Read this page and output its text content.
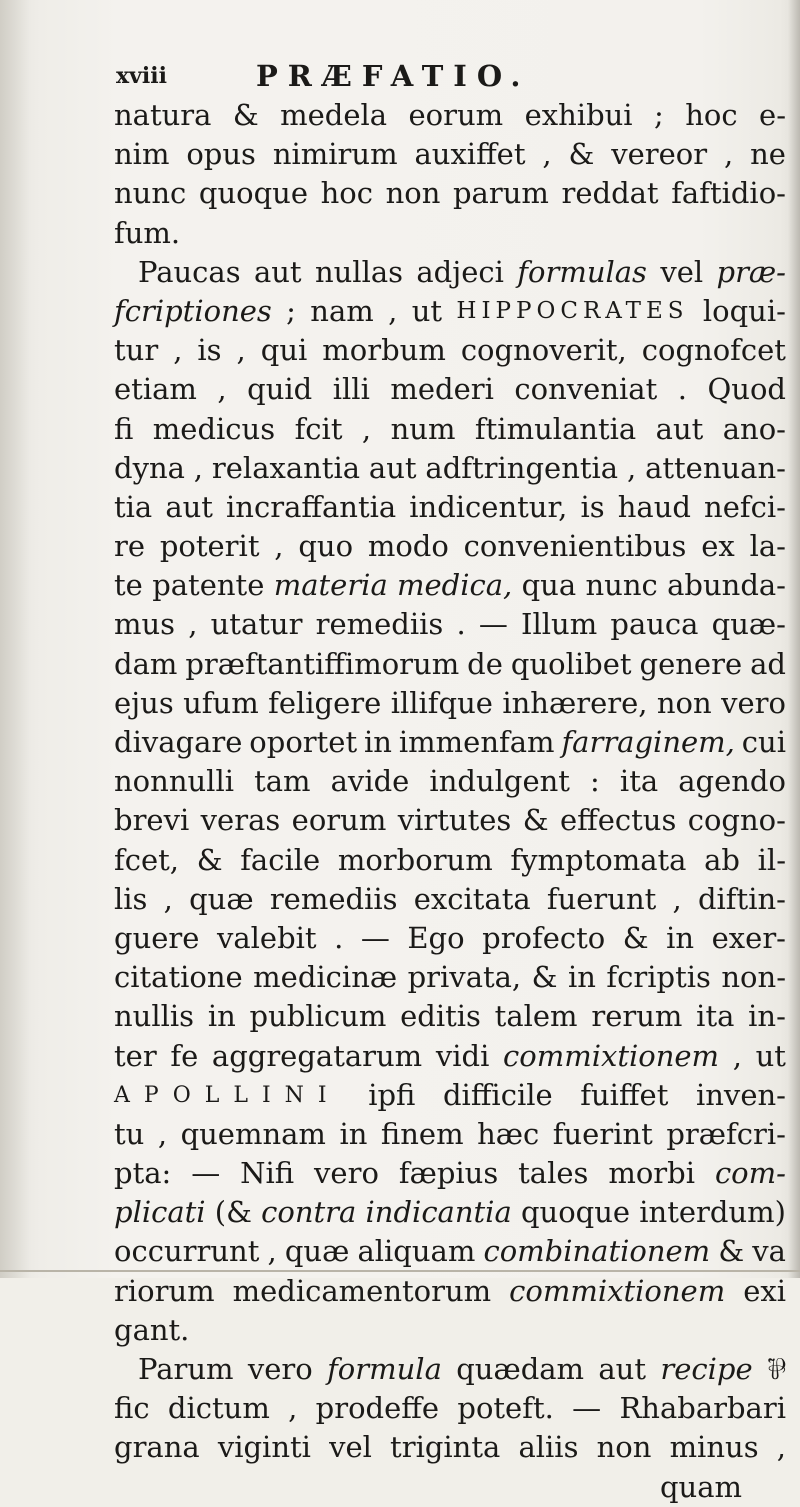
xviii	PRÆFATIO.
natura & medela eorum exhibui ; hoc e-
nim opus nimirum auxiffet , & vereor , ne
nunc quoque hoc non parum reddat faftidio-
fum.
Paucas aut nullas adjeci formulas vel præ-
fcriptiones ; nam , ut HIPPOCRATES loqui-
tur , is , qui morbum cognoverit, cognofcet
etiam , quid illi mederi conveniat . Quod
fi medicus fcit , num ftimulantia aut ano-
dyna , relaxantia aut adftringentia , attenuan-
tia aut incraffantia indicentur, is haud nefci-
re poterit , quo modo convenientibus ex la-
te patente materia medica, qua nunc abunda-
mus , utatur remediis . — Illum pauca quæ-
dam præftantiffimorum de quolibet genere ad
ejus ufum feligere illifque inhærere, non vero
divagare oportet in immenfam farraginem, cui
nonnulli tam avide indulgent : ita agendo
brevi veras eorum virtutes & effectus cogno-
fcet, & facile morborum fymptomata ab il-
lis , quæ remediis excitata fuerunt , diftin-
guere valebit . — Ego profecto & in exer-
citatione medicinæ privata, & in fcriptis non-
nullis in publicum editis talem rerum ita in-
ter fe aggregatarum vidi commixtionem , ut
APOLLINI ipfi difficile fuiffet inven-
tu , quemnam in finem hæc fuerint præfcri-
pta: — Nifi vero fæpius tales morbi com-
plicati (& contra indicantia quoque interdum)
occurrunt , quæ aliquam combinationem & va
riorum medicamentorum commixtionem exi
gant.
Parum vero formula quædam aut recipe ⅌
fic dictum , prodeffe poteft. — Rhabarbari
grana viginti vel triginta aliis non minus ,
quam
